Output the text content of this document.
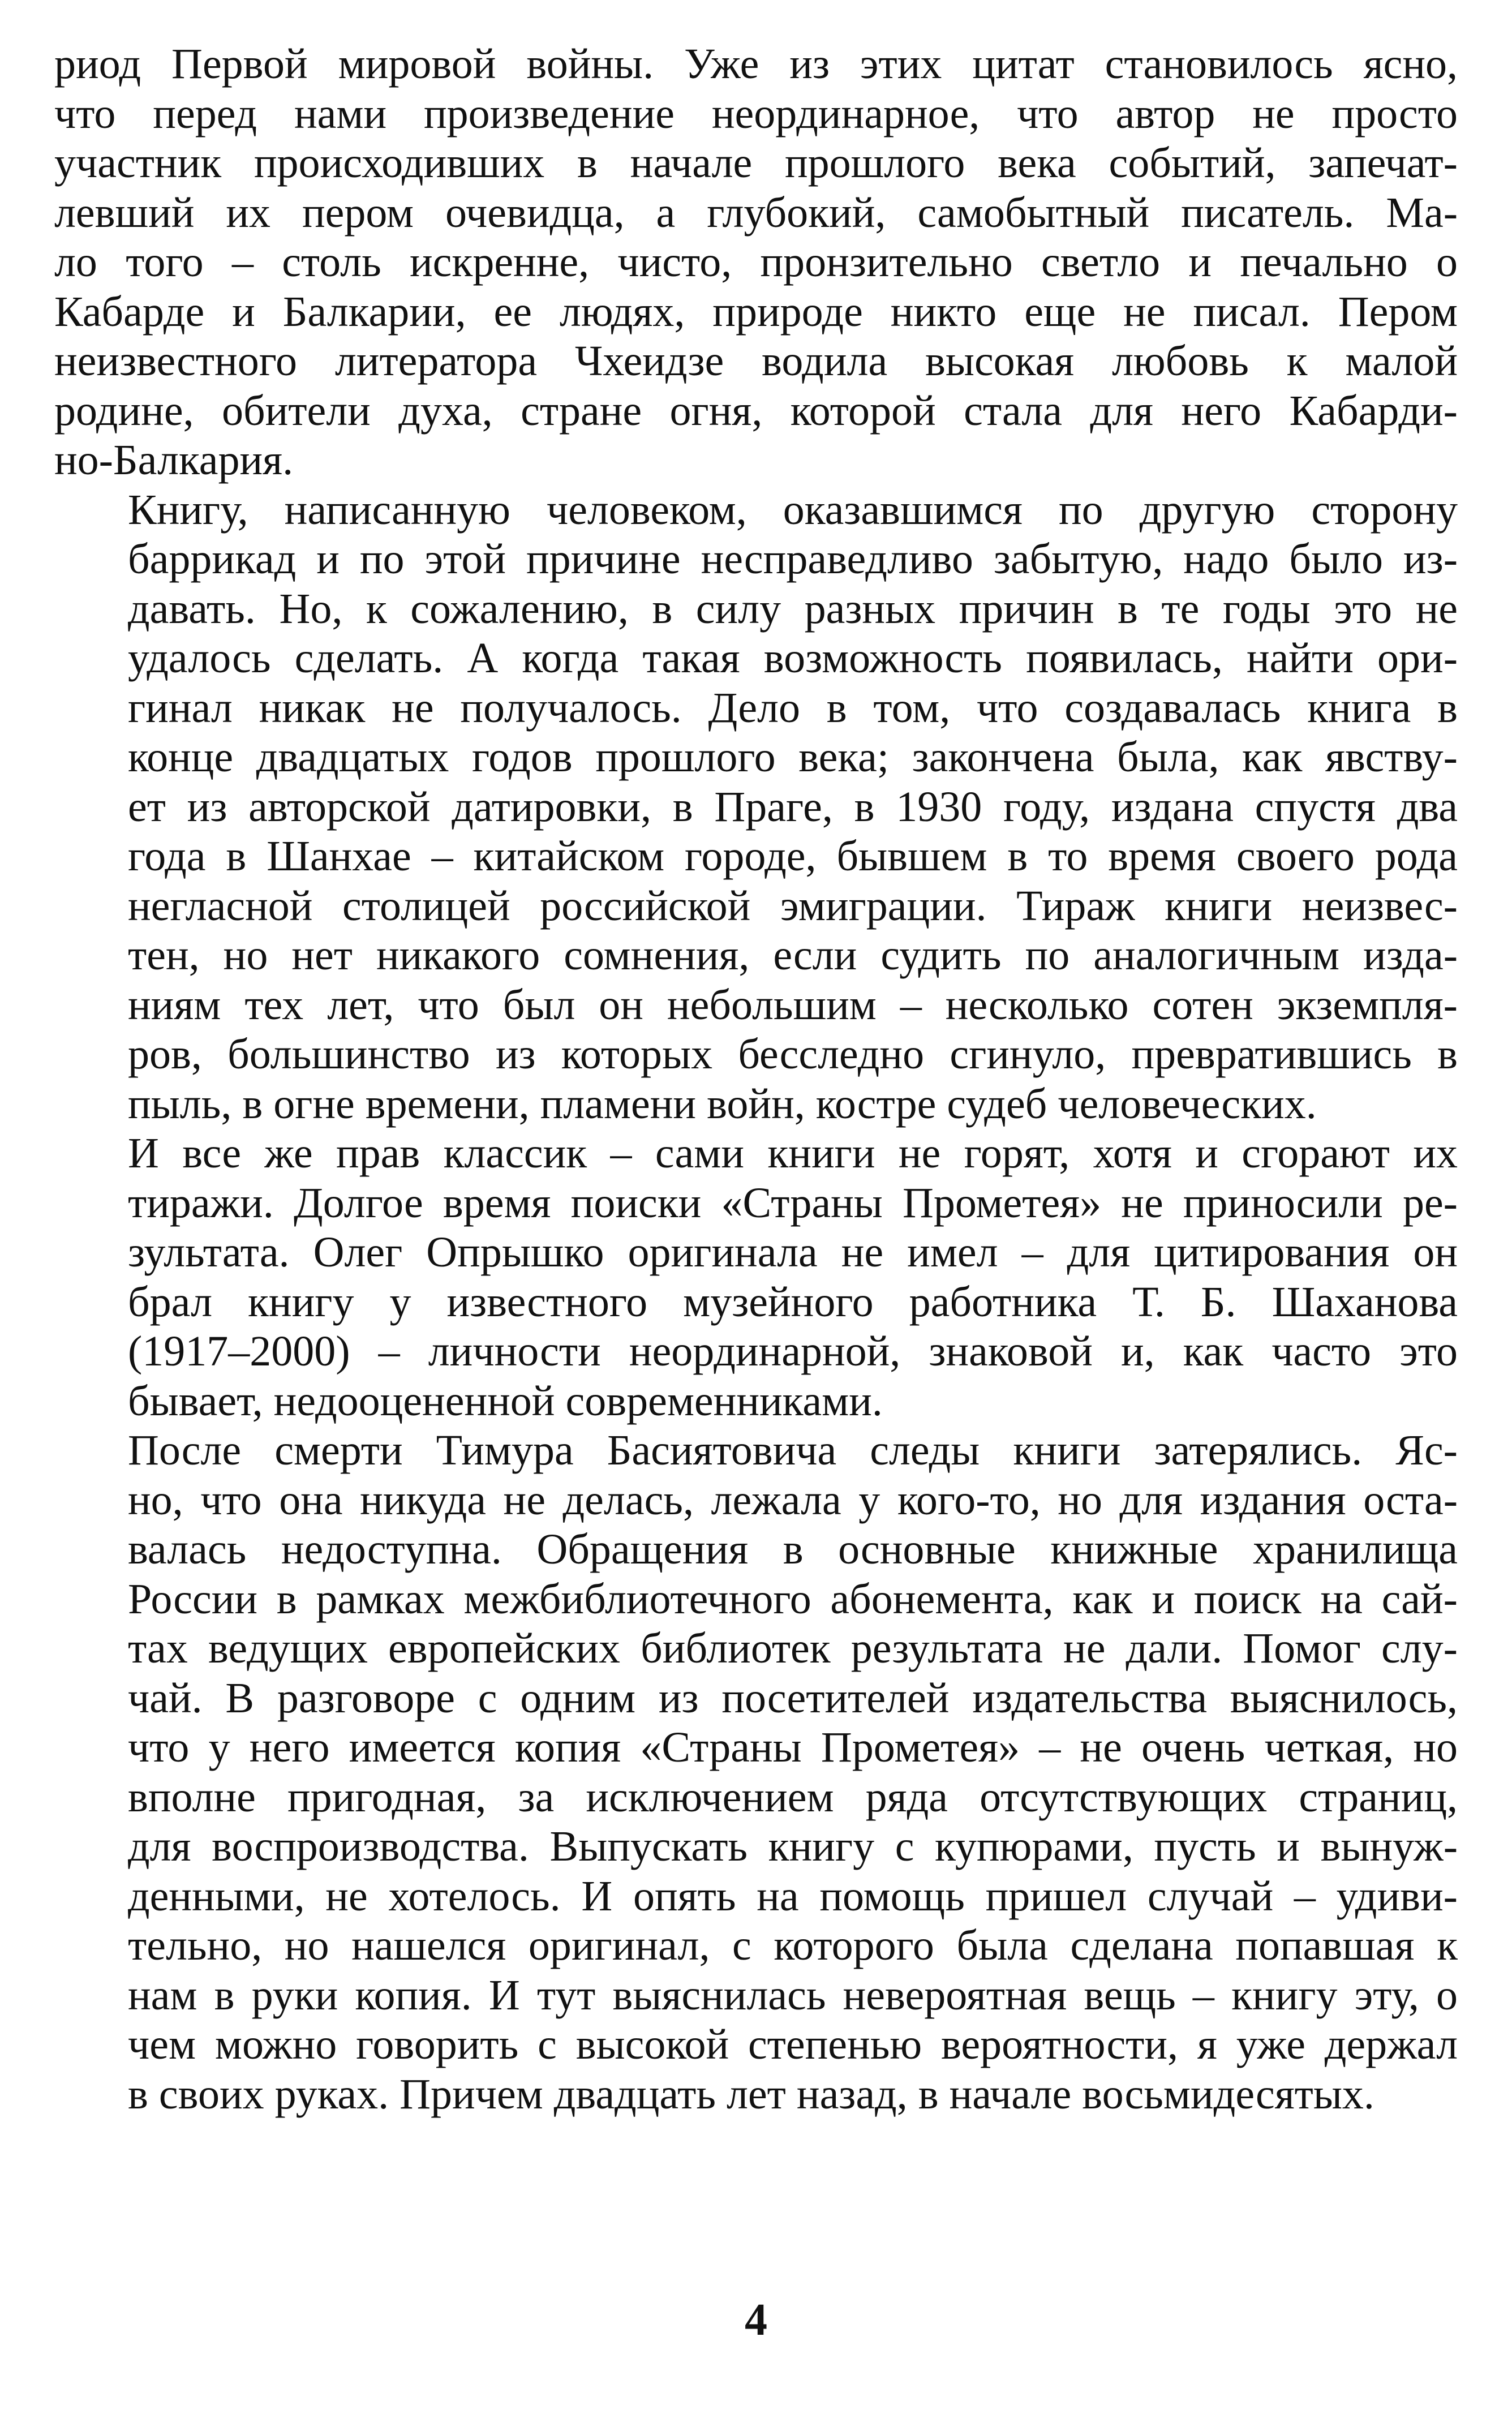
риод Первой мировой войны. Уже из этих цитат становилось ясно,
что перед нами произведение неординарное, что автор не просто
участник происходивших в начале прошлого века событий, запечат-
левший их пером очевидца, а глубокий, самобытный писатель. Ма-
ло того – столь искренне, чисто, пронзительно светло и печально о
Кабарде и Балкарии, ее людях, природе никто еще не писал. Пером
неизвестного литератора Чхеидзе водила высокая любовь к малой
родине, обители духа, стране огня, которой стала для него Кабарди-
но-Балкария.

Книгу, написанную человеком, оказавшимся по другую сторону
баррикад и по этой причине несправедливо забытую, надо было из-
давать. Но, к сожалению, в силу разных причин в те годы это не
удалось сделать. А когда такая возможность появилась, найти ори-
гинал никак не получалось. Дело в том, что создавалась книга в
конце двадцатых годов прошлого века; закончена была, как явству-
ет из авторской датировки, в Праге, в 1930 году, издана спустя два
года в Шанхае – китайском городе, бывшем в то время своего рода
негласной столицей российской эмиграции. Тираж книги неизвес-
тен, но нет никакого сомнения, если судить по аналогичным изда-
ниям тех лет, что был он небольшим – несколько сотен экземпля-
ров, большинство из которых бесследно сгинуло, превратившись в
пыль, в огне времени, пламени войн, костре судеб человеческих.

И все же прав классик – сами книги не горят, хотя и сгорают их
тиражи. Долгое время поиски «Страны Прометея» не приносили ре-
зультата. Олег Опрышко оригинала не имел – для цитирования он
брал книгу у известного музейного работника Т. Б. Шаханова
(1917–2000) – личности неординарной, знаковой и, как часто это
бывает, недооцененной современниками.

После смерти Тимура Басиятовича следы книги затерялись. Яс-
но, что она никуда не делась, лежала у кого-то, но для издания оста-
валась недоступна. Обращения в основные книжные хранилища
России в рамках межбиблиотечного абонемента, как и поиск на сай-
тах ведущих европейских библиотек результата не дали. Помог слу-
чай. В разговоре с одним из посетителей издательства выяснилось,
что у него имеется копия «Страны Прометея» – не очень четкая, но
вполне пригодная, за исключением ряда отсутствующих страниц,
для воспроизводства. Выпускать книгу с купюрами, пусть и вынуж-
денными, не хотелось. И опять на помощь пришел случай – удиви-
тельно, но нашелся оригинал, с которого была сделана попавшая к
нам в руки копия. И тут выяснилась невероятная вещь – книгу эту, о
чем можно говорить с высокой степенью вероятности, я уже держал
в своих руках. Причем двадцать лет назад, в начале восьмидесятых.

4
